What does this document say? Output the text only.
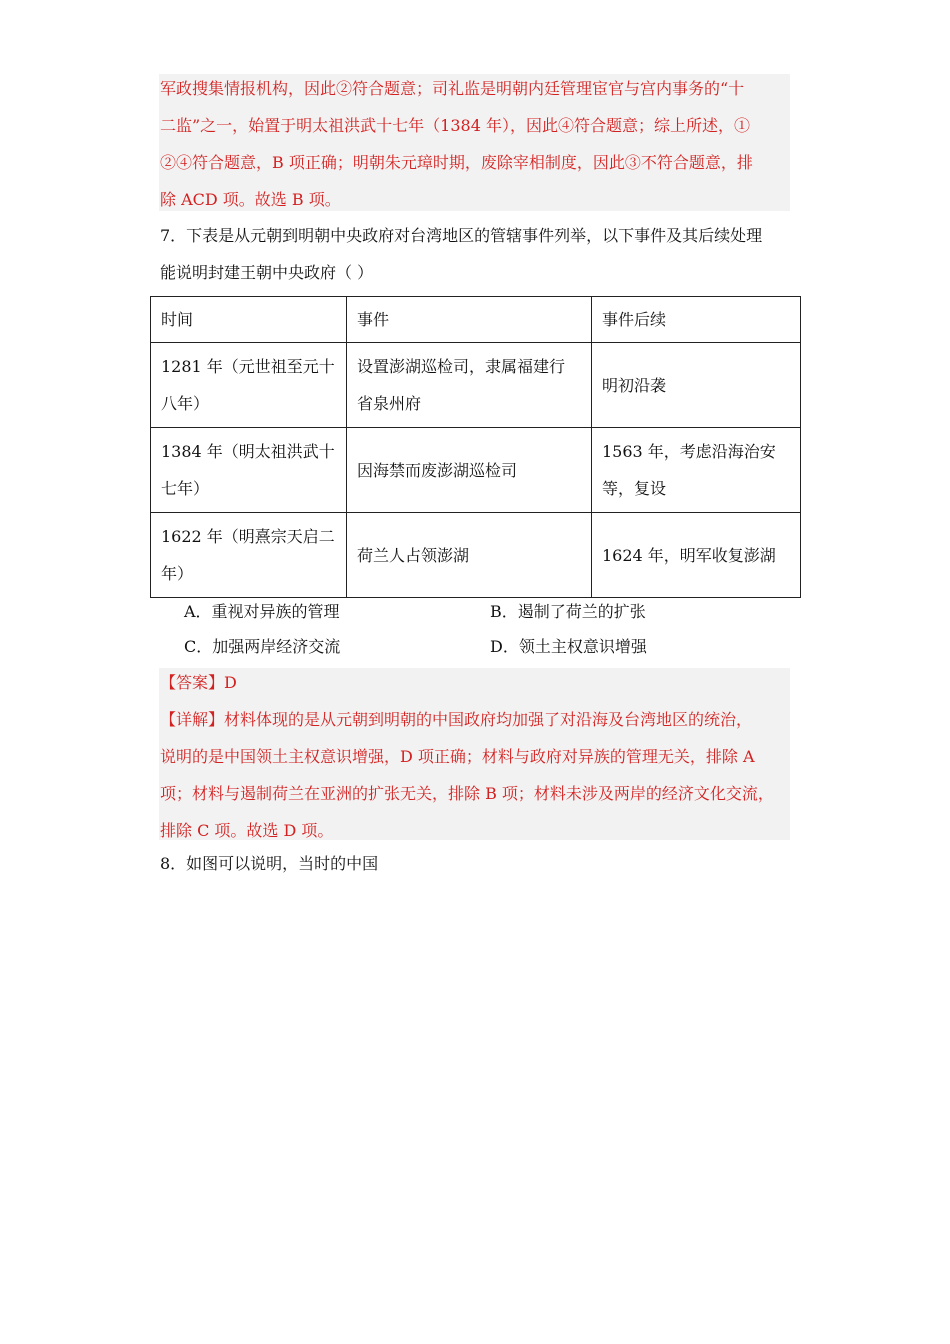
军政搜集情报机构，因此②符合题意；司礼监是明朝内廷管理宦官与宫内事务的“十

二监”之一，始置于明太祖洪武十七年（1384 年），因此④符合题意；综上所述，①

②④符合题意，B 项正确；明朝朱元璋时期，废除宰相制度，因此③不符合题意，排

除 ACD 项。故选 B 项。

7．下表是从元朝到明朝中央政府对台湾地区的管辖事件列举，以下事件及其后续处理

能说明封建王朝中央政府（ ）

时间	事件	事件后续
1281 年（元世祖至元十
八年）	设置澎湖巡检司，隶属福建行
省泉州府	明初沿袭
1384 年（明太祖洪武十
七年）	因海禁而废澎湖巡检司	1563 年，考虑沿海治安
等，复设
1622 年（明熹宗天启二
年）	荷兰人占领澎湖	1624 年，明军收复澎湖
A．重视对异族的管理	B．遏制了荷兰的扩张
C．加强两岸经济交流	D．领土主权意识增强

【答案】D

【详解】材料体现的是从元朝到明朝的中国政府均加强了对沿海及台湾地区的统治，

说明的是中国领土主权意识增强，D 项正确；材料与政府对异族的管理无关，排除 A

项；材料与遏制荷兰在亚洲的扩张无关，排除 B 项；材料未涉及两岸的经济文化交流，

排除 C 项。故选 D 项。

8．如图可以说明，当时的中国
